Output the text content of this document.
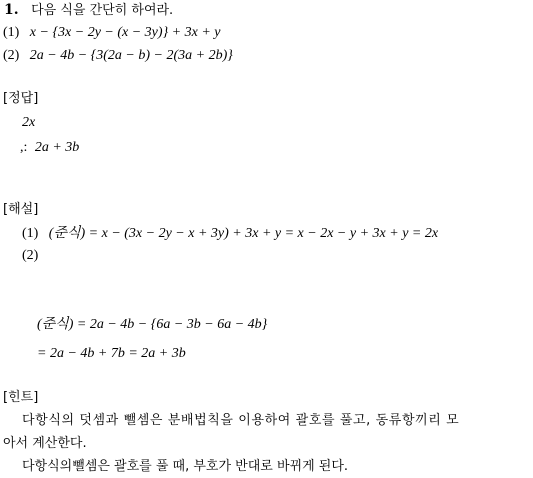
1. 다음 식을 간단히 하여라.
(1) x − {3x − 2y − (x − 3y)} + 3x + y
(2) 2a − 4b − {3(2a − b) − 2(3a + 2b)}
[정답]
2x
,: 2a + 3b
[해설]
(1) (준식) = x − (3x − 2y − x + 3y) + 3x + y = x − 2x − y + 3x + y = 2x
(2)
(준식) = 2a − 4b − {6a − 3b − 6a − 4b}
= 2a − 4b + 7b = 2a + 3b
[힌트]
다항식의 덧셈과 뺄셈은 분배법칙을 이용하여 괄호를 풀고, 동류항끼리 모
아서 계산한다.
다항식의뺄셈은 괄호를 풀 때, 부호가 반대로 바뀌게 된다.
